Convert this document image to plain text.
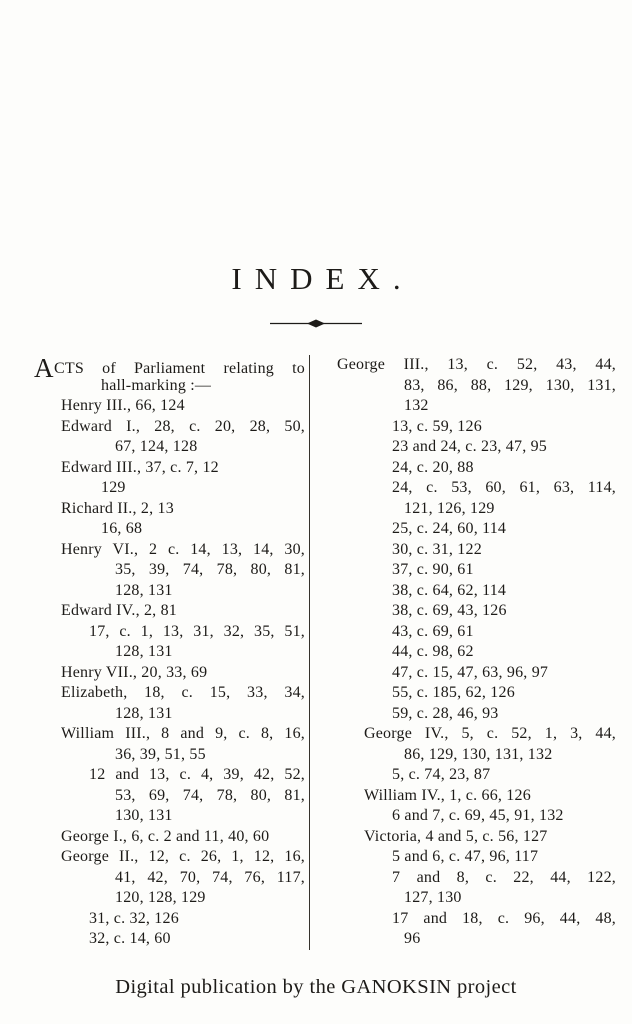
INDEX.
ACTS of Parliament relating to
hall-marking :—
Henry III., 66, 124
Edward I., 28, c. 20, 28, 50,
67, 124, 128
Edward III., 37, c. 7, 12
129
Richard II., 2, 13
16, 68
Henry VI., 2 c. 14, 13, 14, 30,
35, 39, 74, 78, 80, 81,
128, 131
Edward IV., 2, 81
17, c. 1, 13, 31, 32, 35, 51,
128, 131
Henry VII., 20, 33, 69
Elizabeth, 18, c. 15, 33, 34,
128, 131
William III., 8 and 9, c. 8, 16,
36, 39, 51, 55
12 and 13, c. 4, 39, 42, 52,
53, 69, 74, 78, 80, 81,
130, 131
George I., 6, c. 2 and 11, 40, 60
George II., 12, c. 26, 1, 12, 16,
41, 42, 70, 74, 76, 117,
120, 128, 129
31, c. 32, 126
32, c. 14, 60
George III., 13, c. 52, 43, 44,
83, 86, 88, 129, 130, 131,
132
13, c. 59, 126
23 and 24, c. 23, 47, 95
24, c. 20, 88
24, c. 53, 60, 61, 63, 114,
121, 126, 129
25, c. 24, 60, 114
30, c. 31, 122
37, c. 90, 61
38, c. 64, 62, 114
38, c. 69, 43, 126
43, c. 69, 61
44, c. 98, 62
47, c. 15, 47, 63, 96, 97
55, c. 185, 62, 126
59, c. 28, 46, 93
George IV., 5, c. 52, 1, 3, 44,
86, 129, 130, 131, 132
5, c. 74, 23, 87
William IV., 1, c. 66, 126
6 and 7, c. 69, 45, 91, 132
Victoria, 4 and 5, c. 56, 127
5 and 6, c. 47, 96, 117
7 and 8, c. 22, 44, 122,
127, 130
17 and 18, c. 96, 44, 48,
96
Digital publication by the GANOKSIN project
